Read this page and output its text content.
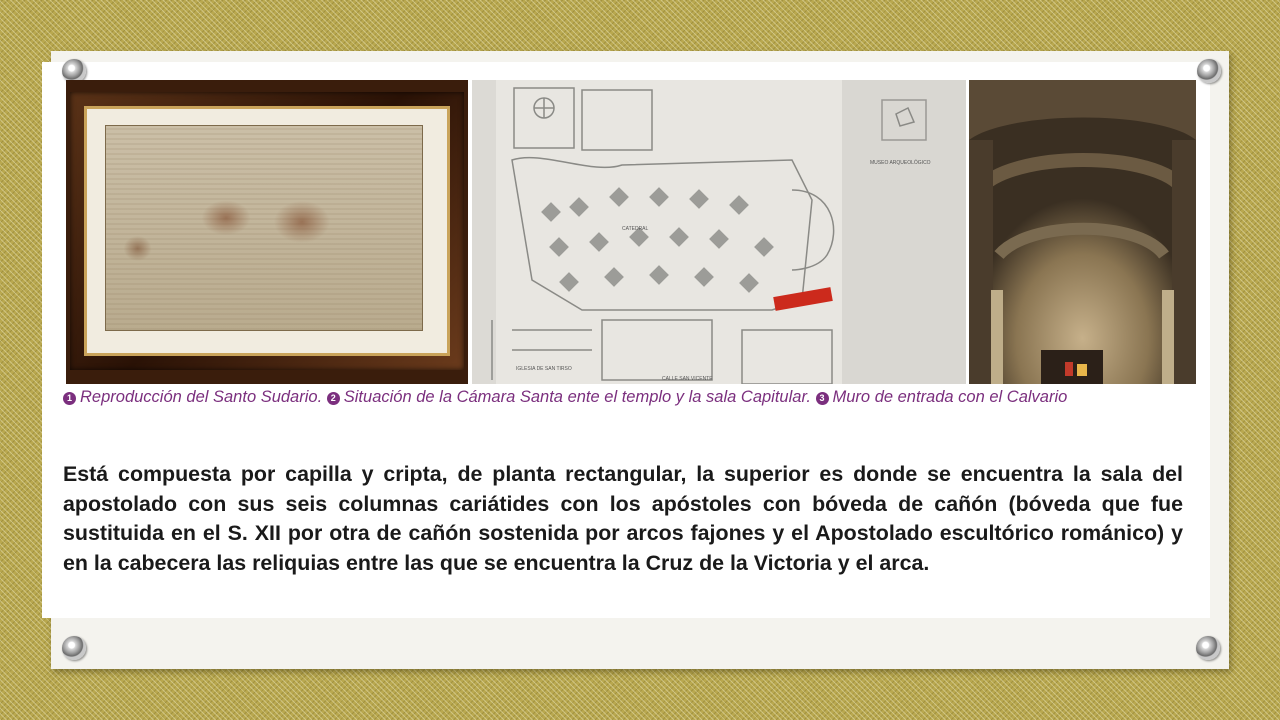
MUSEO ARQUEOLÓGICO
CATEDRAL
IGLESIA DE SAN TIRSO
CALLE SAN VICENTE
1 Reproducción del Santo Sudario. 2 Situación de la Cámara Santa ente el templo y la sala Capitular. 3 Muro de entrada con el Calvario
Está compuesta por capilla y cripta, de planta rectangular, la superior es donde se encuentra la sala del apostolado con sus seis columnas cariátides con los apóstoles con bóveda de cañón (bóveda que fue sustituida en el S. XII por otra de cañón sostenida por arcos fajones y el Apostolado escultórico románico) y en la cabecera las reliquias entre las que se encuentra la Cruz de la Victoria y el arca.
